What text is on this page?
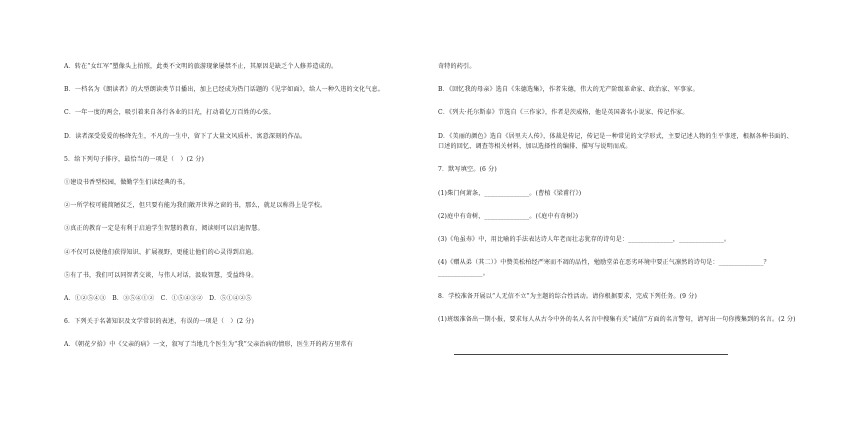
A．转在“女红军”塑像头上拍照，此类不文明的旅游现象屡禁不止，其原因是缺乏个人修养造成的。

B．一档名为《朗读者》的大型朗读类节目播出，加上已经成为热门话题的《见字如面》，给人一种久违的文化气息。

C．一年一度的两会，吸引着来自各行各业的目光，打动着亿万百姓的心弦。

D．读者深受爱爱的杨绛先生，不凡的一生中，留下了大量文风质朴、寓意深刻的作品。

5．给下列句子排序，最恰当的一项是（　）(2 分)

①建设书香型校园，做勤学生们读经典的书。

②一所学校可能简陋贫乏，但只要有能为我们敞开世界之窗的书，那么，就足以称得上是学校。

③真正的教育一定是有利于启迪学生智慧的教育，阅读则可以启迪智慧。

④不仅可以使他们获得知识、扩展视野，更能让他们的心灵得到启迪。

⑤有了书，我们可以同智者交谈，与伟人对话，汲取智慧，受益终身。

A．①②⑤④③　B．③⑤④①②　C．①⑤④③②　D．⑤①④②⑤

6．下列关于名著知识及文学常识的表述，有误的一项是（　）(2 分)

A．《朝花夕拾》中《父亲的病》一文，叙写了当地几个医生为“我”父亲治病的情形，医生开的药方里常有

奇特的药引。

B．《回忆我的母亲》选自《朱德选集》，作者朱德，伟大的无产阶级革命家、政治家、军事家。

C．《列夫·托尔斯泰》节选自《三作家》，作者是茨威格，他是英国著名小说家、传记作家。

D．《美丽的颜色》选自《居里夫人传》，体裁是传记，传记是一种常见的文学形式，主要记述人物的生平事迹，根据各种书面的、口述的回忆、调查等相关材料，加以选择性的编排、描写与说明而成。

7．默写填空。(6 分)

(1)柴门何萧条，______________。(曹植《梁甫行》)

(2)庭中有奇树，______________。(《庭中有奇树》)

(3)《龟虽寿》中，用比喻的手法表达诗人年老而壮志犹存的诗句是：______________，______________。

(4)《赠从弟（其二）》中赞美松柏经严寒而不凋的品性，勉励堂弟在恶劣环境中要正气凛然的诗句是：______________？______________。

8．学校准备开展以“人无信不立”为主题的综合性活动。请你根据要求，完成下列任务。(9 分)

(1)班级准备出一期小报，要求每人从古今中外的名人名言中搜集有关“诚信”方面的名言警句，请写出一句你搜集到的名言。(2 分)
